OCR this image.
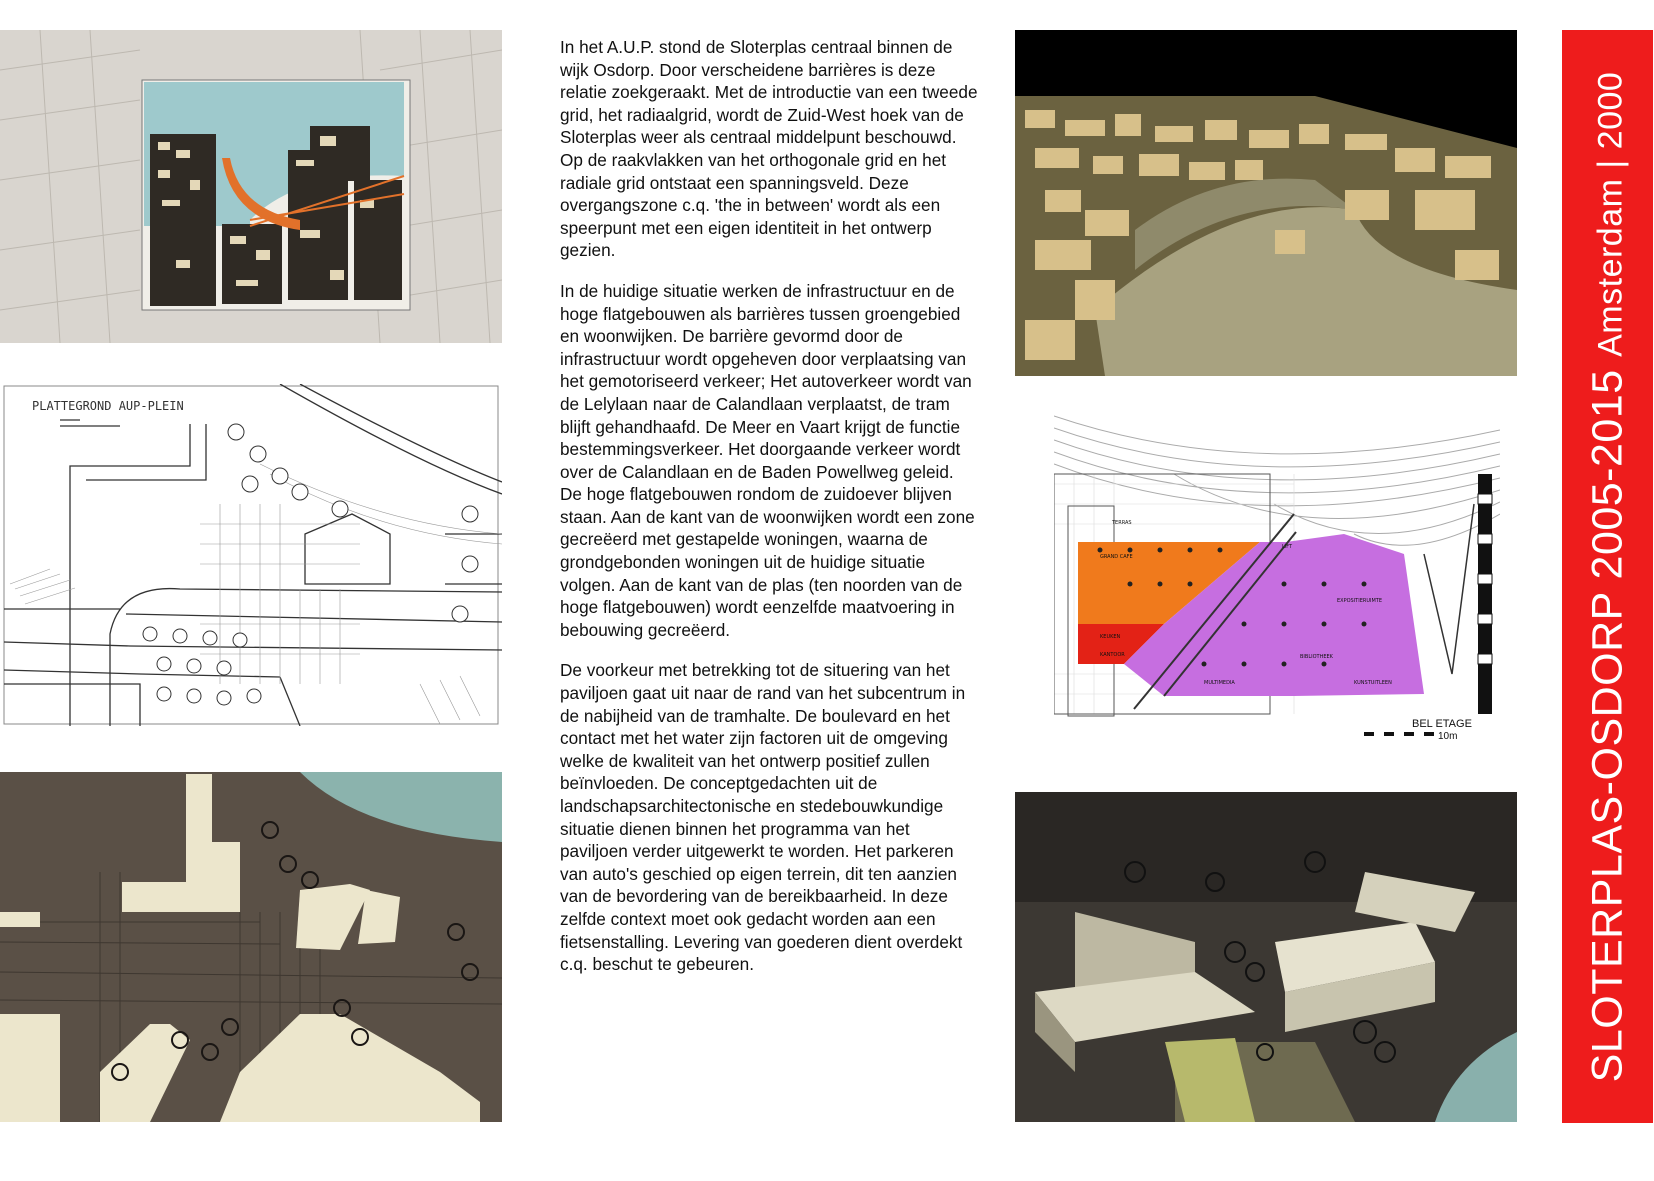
PLATTEGROND AUP-PLEIN

In het A.U.P. stond de Sloterplas centraal binnen de wijk Osdorp. Door verscheidene barrières is deze relatie zoekgeraakt. Met de introductie van een tweede grid, het radiaalgrid, wordt de Zuid-West hoek van de Sloterplas weer als centraal middelpunt beschouwd. Op de raakvlakken van het orthogonale grid en het radiale grid ontstaat een spanningsveld. Deze overgangszone c.q. 'the in between' wordt als een speerpunt met een eigen identiteit in het ontwerp gezien.

In de huidige situatie werken de infrastructuur en de hoge flatgebouwen als barrières tussen groengebied en woonwijken. De barrière gevormd door de infrastructuur wordt opgeheven door verplaatsing van het gemotoriseerd verkeer; Het autoverkeer wordt van de Lelylaan naar de Calandlaan verplaatst, de tram blijft gehandhaafd. De Meer en Vaart krijgt de functie bestemmingsverkeer. Het doorgaande verkeer wordt over de Calandlaan en de Baden Powellweg geleid. De hoge flatgebouwen rondom de zuidoever blijven staan. Aan de kant van de woonwijken wordt een zone gecreëerd met gestapelde woningen, waarna de grondgebonden woningen uit de huidige situatie volgen. Aan de kant van de plas (ten noorden van de hoge flatgebouwen) wordt eenzelfde maatvoering in bebouwing gecreëerd.

De voorkeur met betrekking tot de situering van het paviljoen gaat uit naar de rand van het subcentrum in de nabijheid van de tramhalte. De boulevard en het contact met het water zijn factoren uit de omgeving welke de kwaliteit van het ontwerp positief zullen beïnvloeden. De conceptgedachten uit de landschapsarchitectonische en stedebouwkundige situatie dienen binnen het programma van het paviljoen verder uitgewerkt te worden. Het parkeren van auto's geschied op eigen terrein, dit ten aanzien van de bevordering van de bereikbaarheid. In deze zelfde context moet ook gedacht worden aan een fietsenstalling. Levering van goederen dient overdekt c.q. beschut te gebeuren.

TERRAS
GRAND CAFE
LIFT
EXPOSITIERUIMTE
BIBLIOTHEEK
MULTIMEDIA	KUNSTUITLEEN
KEUKEN
KANTOOR
BEL ETAGE
10m	SLOTERPLAS-OSDORP 2005-2015 Amsterdam | 2000
